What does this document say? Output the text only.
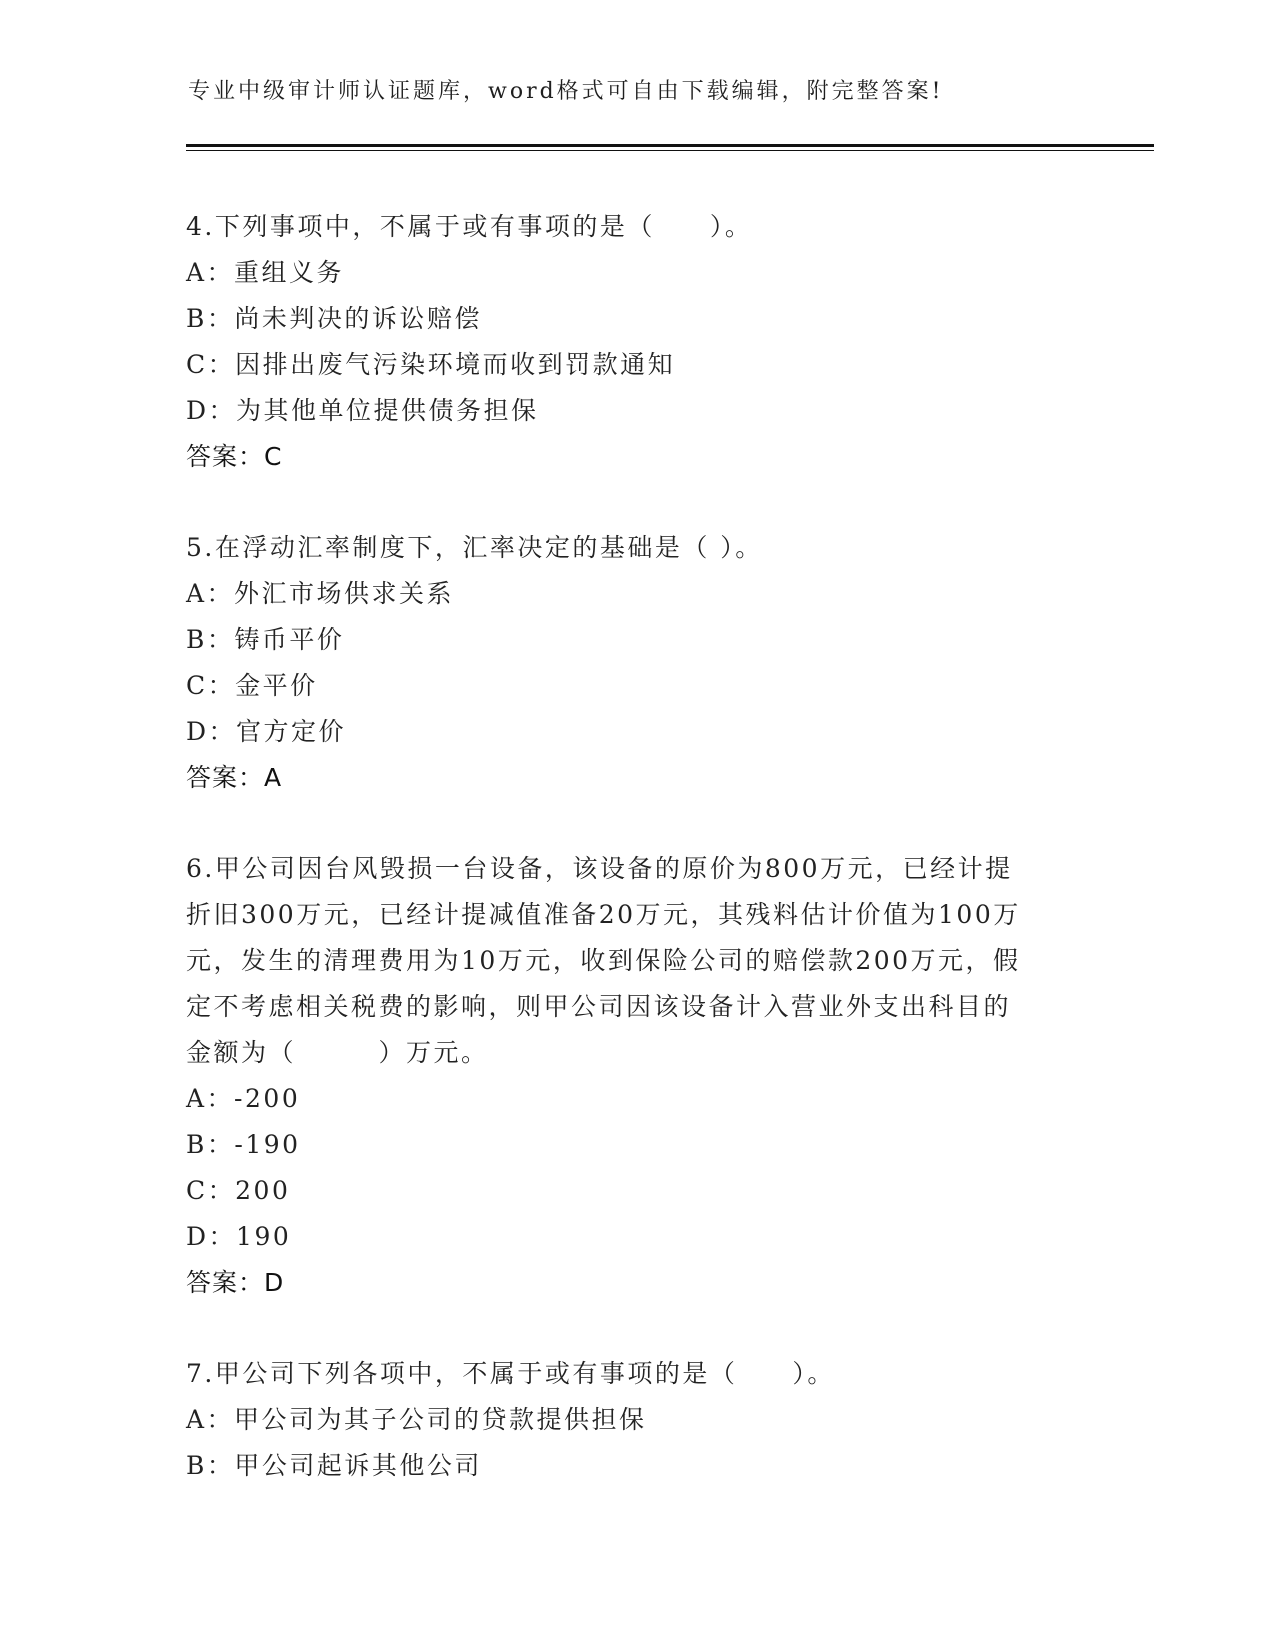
专业中级审计师认证题库，word格式可自由下载编辑，附完整答案!
4.下列事项中，不属于或有事项的是（　　）。
A：重组义务
B：尚未判决的诉讼赔偿
C：因排出废气污染环境而收到罚款通知
D：为其他单位提供债务担保
答案：C
5.在浮动汇率制度下，汇率决定的基础是（ ）。
A：外汇市场供求关系
B：铸币平价
C：金平价
D：官方定价
答案：A
6.甲公司因台风毁损一台设备，该设备的原价为800万元，已经计提
折旧300万元，已经计提减值准备20万元，其残料估计价值为100万
元，发生的清理费用为10万元，收到保险公司的赔偿款200万元，假
定不考虑相关税费的影响，则甲公司因该设备计入营业外支出科目的
金额为（　　　）万元。
A：-200
B：-190
C：200
D：190
答案：D
7.甲公司下列各项中，不属于或有事项的是（　　）。
A：甲公司为其子公司的贷款提供担保
B：甲公司起诉其他公司
